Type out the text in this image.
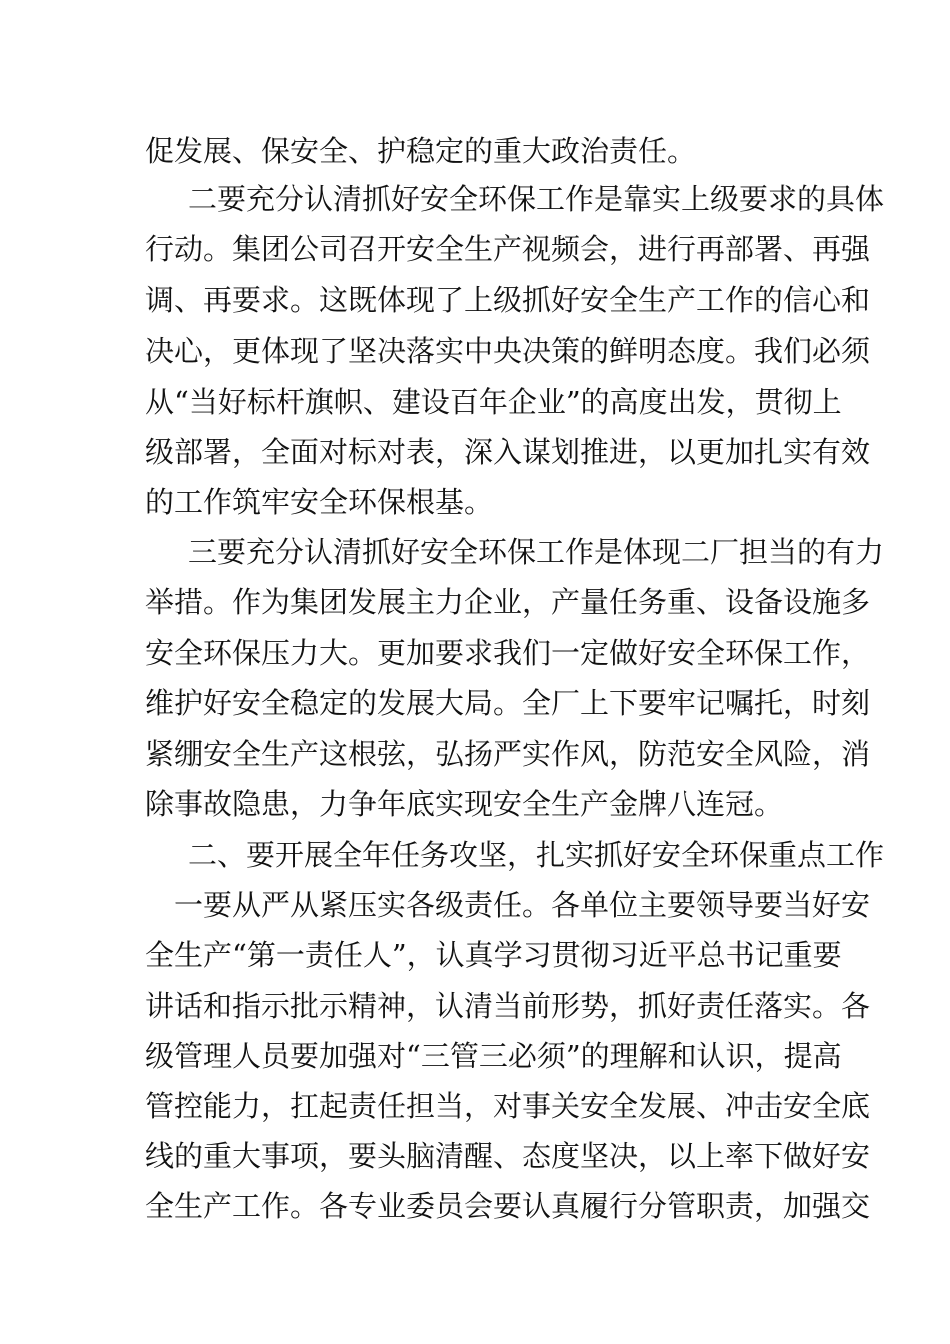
促发展、保安全、护稳定的重大政治责任。
二要充分认清抓好安全环保工作是靠实上级要求的具体
行动。集团公司召开安全生产视频会，进行再部署、再强
调、再要求。这既体现了上级抓好安全生产工作的信心和
决心，更体现了坚决落实中央决策的鲜明态度。我们必须
从“当好标杆旗帜、建设百年企业”的高度出发，贯彻上
级部署，全面对标对表，深入谋划推进，以更加扎实有效
的工作筑牢安全环保根基。
三要充分认清抓好安全环保工作是体现二厂担当的有力
举措。作为集团发展主力企业，产量任务重、设备设施多
安全环保压力大。更加要求我们一定做好安全环保工作，
维护好安全稳定的发展大局。全厂上下要牢记嘱托，时刻
紧绷安全生产这根弦，弘扬严实作风，防范安全风险，消
除事故隐患，力争年底实现安全生产金牌八连冠。
二、要开展全年任务攻坚，扎实抓好安全环保重点工作
一要从严从紧压实各级责任。各单位主要领导要当好安
全生产“第一责任人”，认真学习贯彻习近平总书记重要
讲话和指示批示精神，认清当前形势，抓好责任落实。各
级管理人员要加强对“三管三必须”的理解和认识，提高
管控能力，扛起责任担当，对事关安全发展、冲击安全底
线的重大事项，要头脑清醒、态度坚决，以上率下做好安
全生产工作。各专业委员会要认真履行分管职责，加强交
